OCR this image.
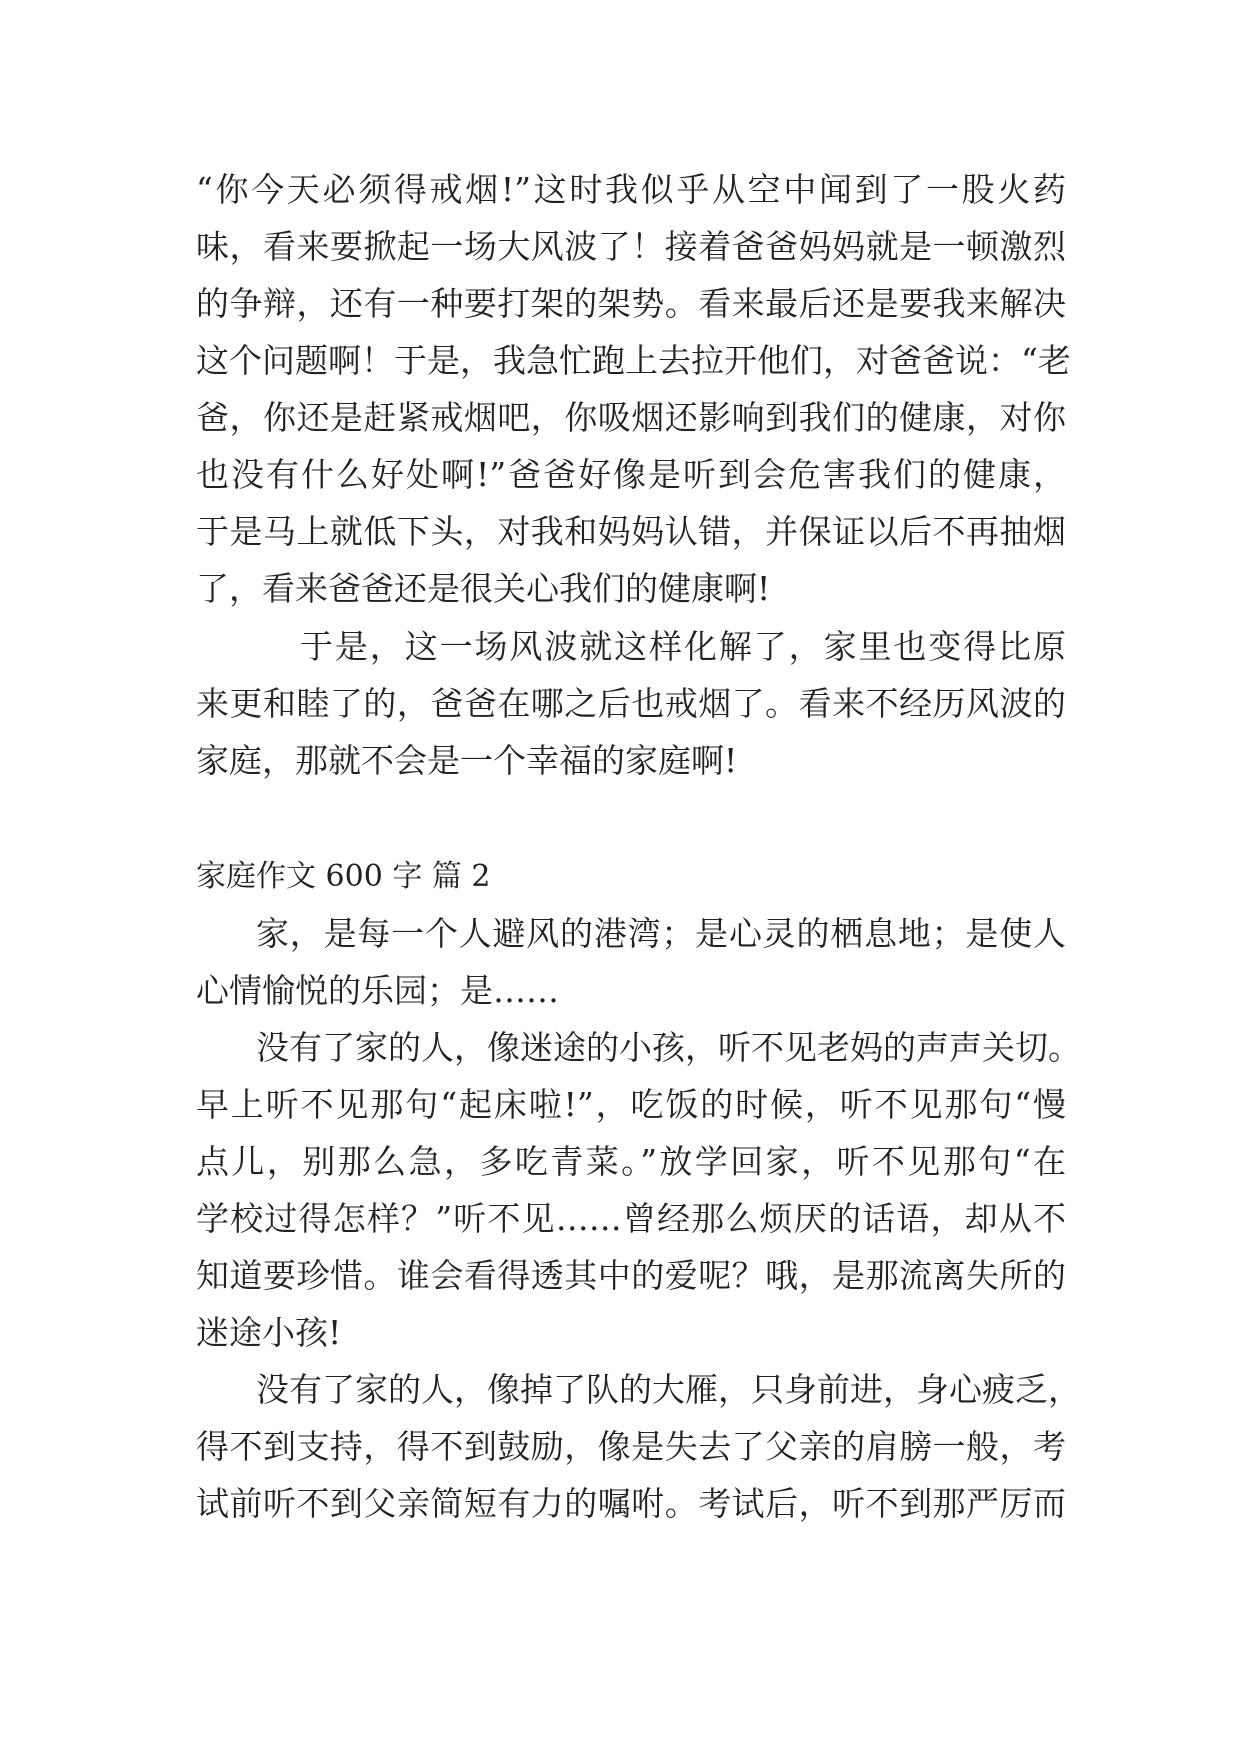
“你今天必须得戒烟!”这时我似乎从空中闻到了一股火药

味，看来要掀起一场大风波了！接着爸爸妈妈就是一顿激烈

的争辩，还有一种要打架的架势。看来最后还是要我来解决

这个问题啊！于是，我急忙跑上去拉开他们，对爸爸说：“老

爸，你还是赶紧戒烟吧，你吸烟还影响到我们的健康，对你

也没有什么好处啊!”爸爸好像是听到会危害我们的健康，

于是马上就低下头，对我和妈妈认错，并保证以后不再抽烟

了，看来爸爸还是很关心我们的健康啊!

于是，这一场风波就这样化解了，家里也变得比原

来更和睦了的，爸爸在哪之后也戒烟了。看来不经历风波的

家庭，那就不会是一个幸福的家庭啊!

家庭作文 600 字 篇 2

家，是每一个人避风的港湾；是心灵的栖息地；是使人

心情愉悦的乐园；是……

没有了家的人，像迷途的小孩，听不见老妈的声声关切。

早上听不见那句“起床啦!”，吃饭的时候，听不见那句“慢

点儿，别那么急，多吃青菜。”放学回家，听不见那句“在

学校过得怎样？”听不见……曾经那么烦厌的话语，却从不

知道要珍惜。谁会看得透其中的爱呢？哦，是那流离失所的

迷途小孩!

没有了家的人，像掉了队的大雁，只身前进，身心疲乏，

得不到支持，得不到鼓励，像是失去了父亲的肩膀一般，考

试前听不到父亲简短有力的嘱咐。考试后，听不到那严厉而
